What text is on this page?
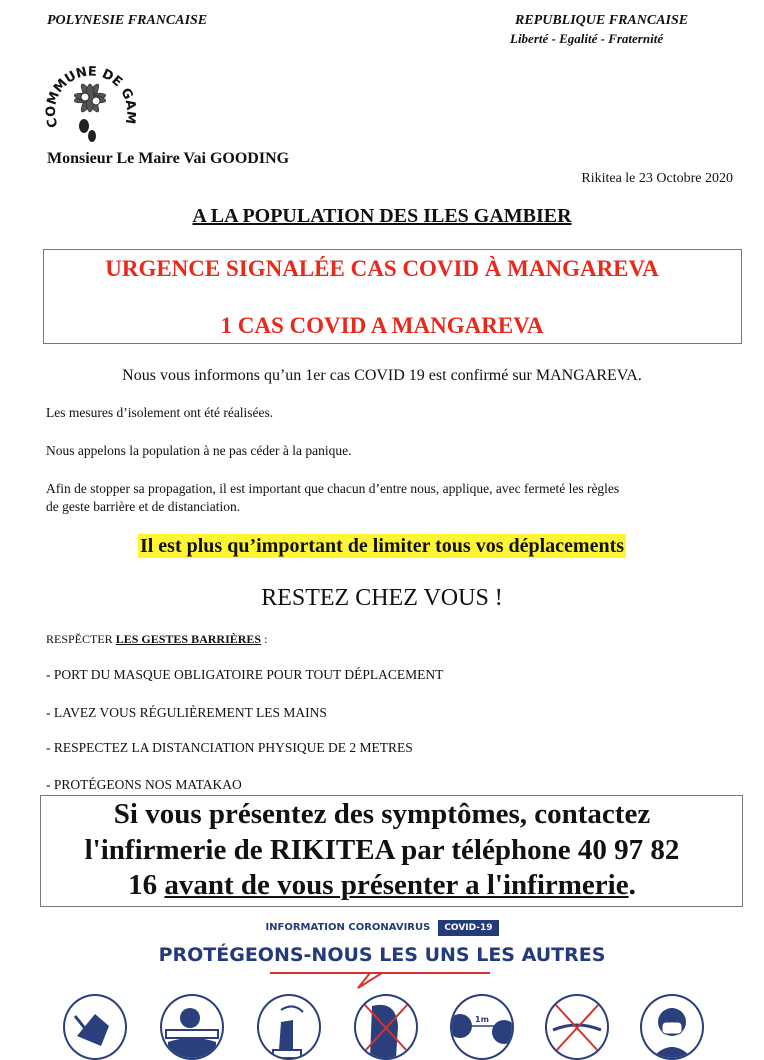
POLYNESIE FRANCAISE	REPUBLIQUE FRANCAISE
Liberté - Egalité - Fraternité
COMMUNE DE G
Monsieur Le Maire Vai GOODING
Rikitea le 23 Octobre 2020
A LA POPULATION DES ILES GAMBIER
URGENCE SIGNALÉE CAS COVID À MANGAREVA
1 CAS COVID A MANGAREVA
Nous vous informons qu’un 1er cas COVID 19 est confirmé sur MANGAREVA.
Les mesures d’isolement ont été réalisées.
Nous appelons la population à ne pas céder à la panique.
Afin de stopper sa propagation, il est important que chacun d’entre nous, applique, avec fermeté les règles
de geste barrière et de distanciation.
Il est plus qu’important de limiter tous vos déplacements
RESTEZ CHEZ VOUS !
RESPĔCTER LES GESTES BARRIÈRES :
- PORT DU MASQUE OBLIGATOIRE POUR TOUT DÉPLACEMENT
- LAVEZ VOUS RÉGULIÈREMENT LES MAINS
- RESPECTEZ LA DISTANCIATION PHYSIQUE DE 2 METRES
- PROTÉGEONS NOS MATAKAO
Si vous présentez des symptômes, contactez
l'infirmerie de RIKITEA par téléphone 40 97 82
16 avant de vous présenter a l'infirmerie.
INFORMATION CORONAVIRUS COVID-19
PROTÉGEONS-NOUS LES UNS LES AUTRES
1m
